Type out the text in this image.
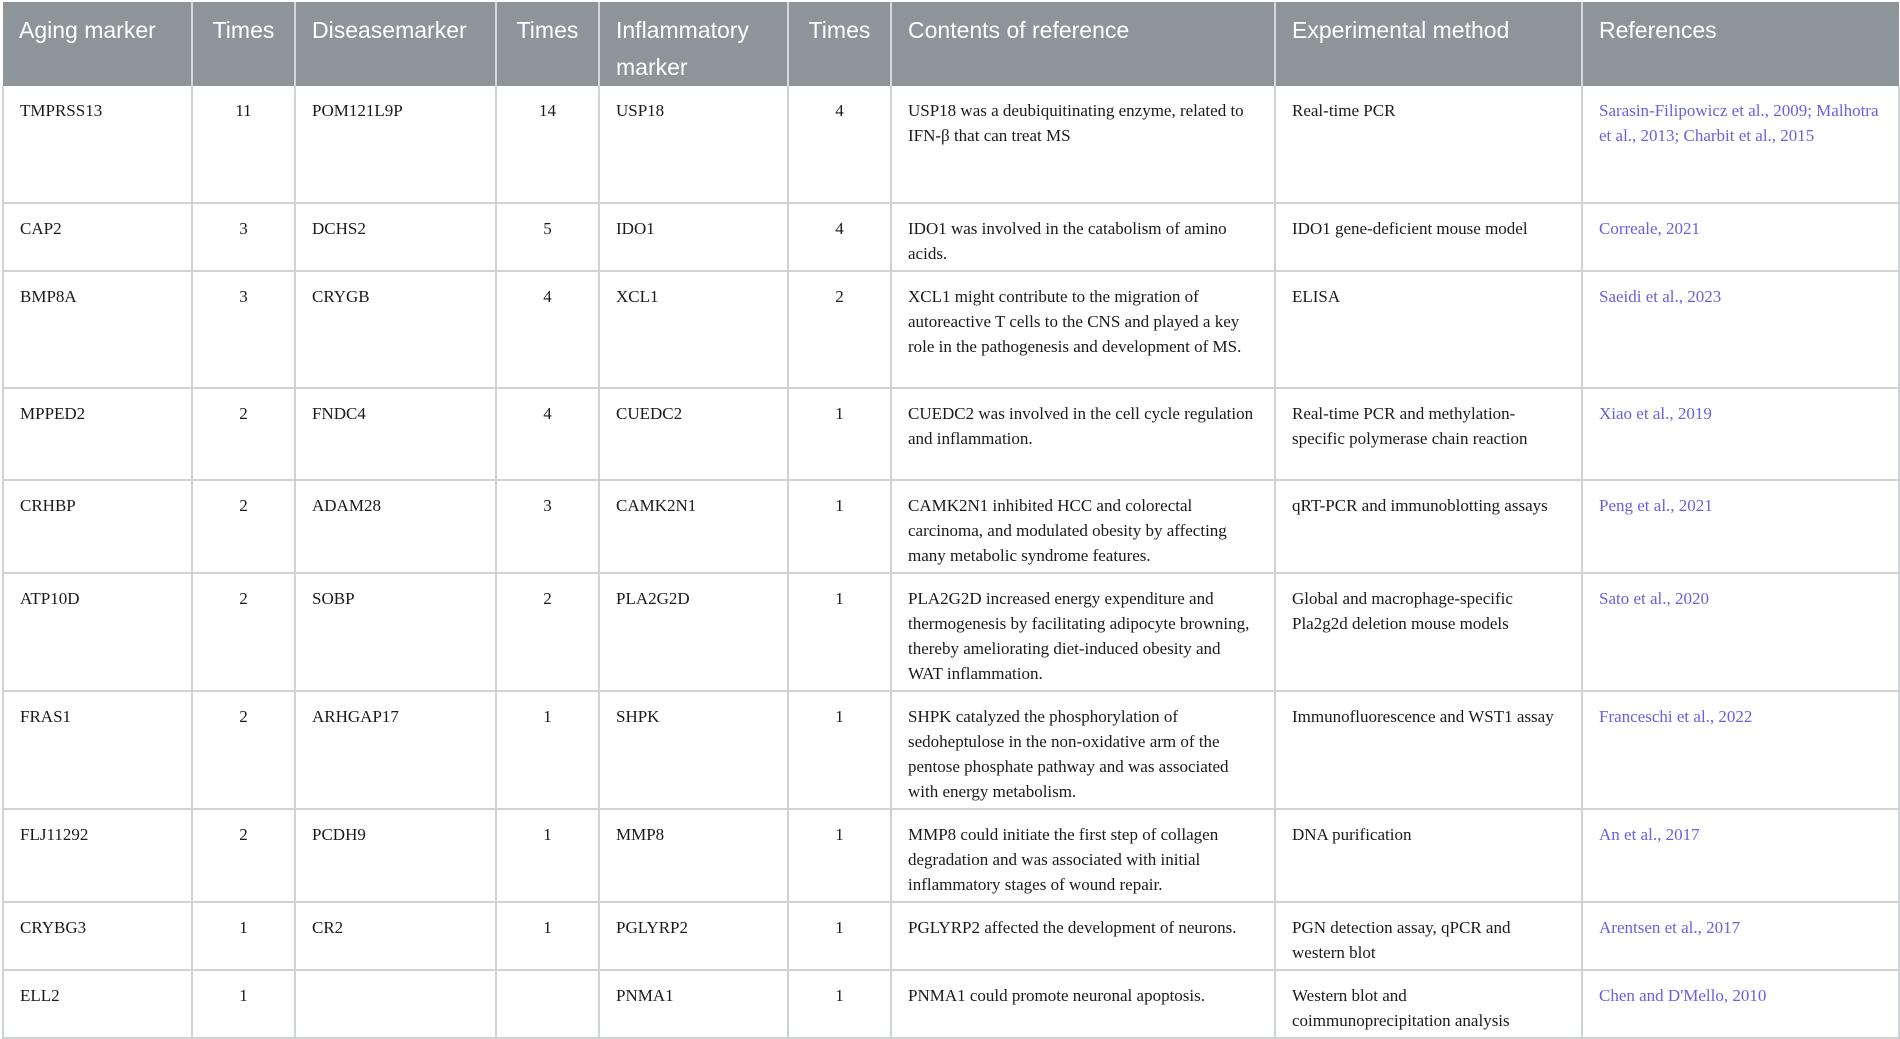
Aging marker	Times	Diseasemarker	Times	Inflammatory marker	Times	Contents of reference	Experimental method	References
TMPRSS13	11	POM121L9P	14	USP18	4	USP18 was a deubiquitinating enzyme, related to IFN-β that can treat MS	Real-time PCR	Sarasin-Filipowicz et al., 2009; Malhotra et al., 2013; Charbit et al., 2015
CAP2	3	DCHS2	5	IDO1	4	IDO1 was involved in the catabolism of amino acids.	IDO1 gene-deficient mouse model	Correale, 2021
BMP8A	3	CRYGB	4	XCL1	2	XCL1 might contribute to the migration of autoreactive T cells to the CNS and played a key role in the pathogenesis and development of MS.	ELISA	Saeidi et al., 2023
MPPED2	2	FNDC4	4	CUEDC2	1	CUEDC2 was involved in the cell cycle regulation and inflammation.	Real-time PCR and methylation-specific polymerase chain reaction	Xiao et al., 2019
CRHBP	2	ADAM28	3	CAMK2N1	1	CAMK2N1 inhibited HCC and colorectal carcinoma, and modulated obesity by affecting many metabolic syndrome features.	qRT-PCR and immunoblotting assays	Peng et al., 2021
ATP10D	2	SOBP	2	PLA2G2D	1	PLA2G2D increased energy expenditure and thermogenesis by facilitating adipocyte browning, thereby ameliorating diet-induced obesity and WAT inflammation.	Global and macrophage-specific Pla2g2d deletion mouse models	Sato et al., 2020
FRAS1	2	ARHGAP17	1	SHPK	1	SHPK catalyzed the phosphorylation of sedoheptulose in the non-oxidative arm of the pentose phosphate pathway and was associated with energy metabolism.	Immunofluorescence and WST1 assay	Franceschi et al., 2022
FLJ11292	2	PCDH9	1	MMP8	1	MMP8 could initiate the first step of collagen degradation and was associated with initial inflammatory stages of wound repair.	DNA purification	An et al., 2017
CRYBG3	1	CR2	1	PGLYRP2	1	PGLYRP2 affected the development of neurons.	PGN detection assay, qPCR and western blot	Arentsen et al., 2017
ELL2	1			PNMA1	1	PNMA1 could promote neuronal apoptosis.	Western blot and coimmunoprecipitation analysis	Chen and D'Mello, 2010
